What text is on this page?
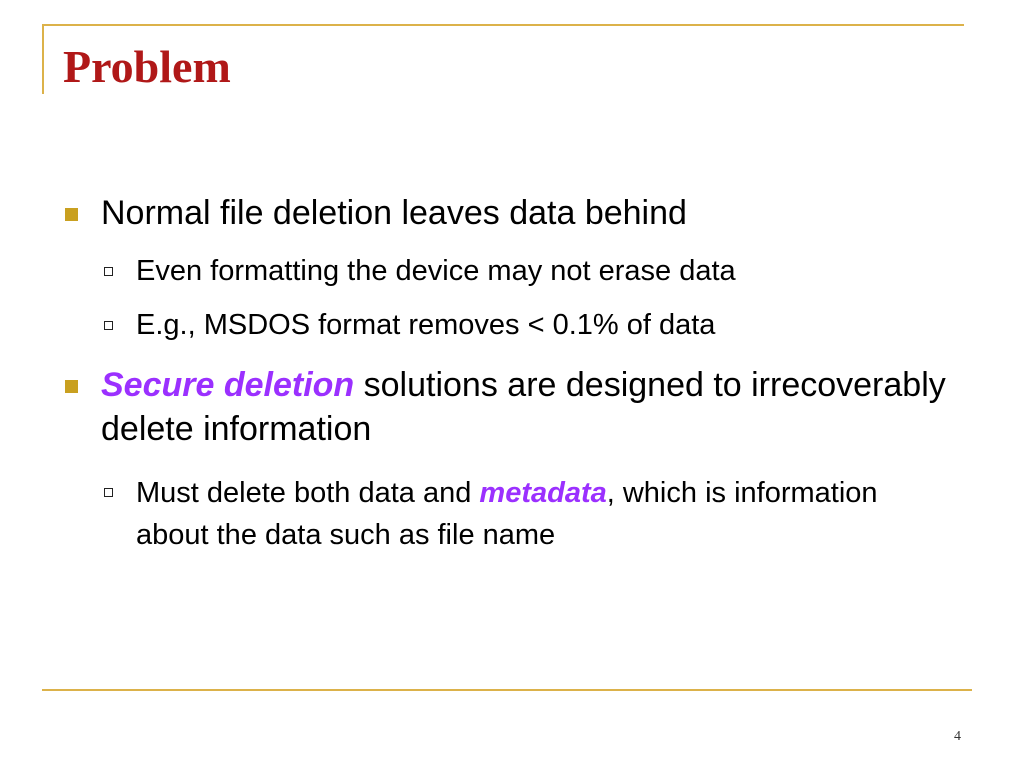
Problem
Normal file deletion leaves data behind
Even formatting the device may not erase data
E.g., MSDOS format removes < 0.1% of data
Secure deletion solutions are designed to irrecoverably delete information
Must delete both data and metadata, which is information about the data such as file name
4
